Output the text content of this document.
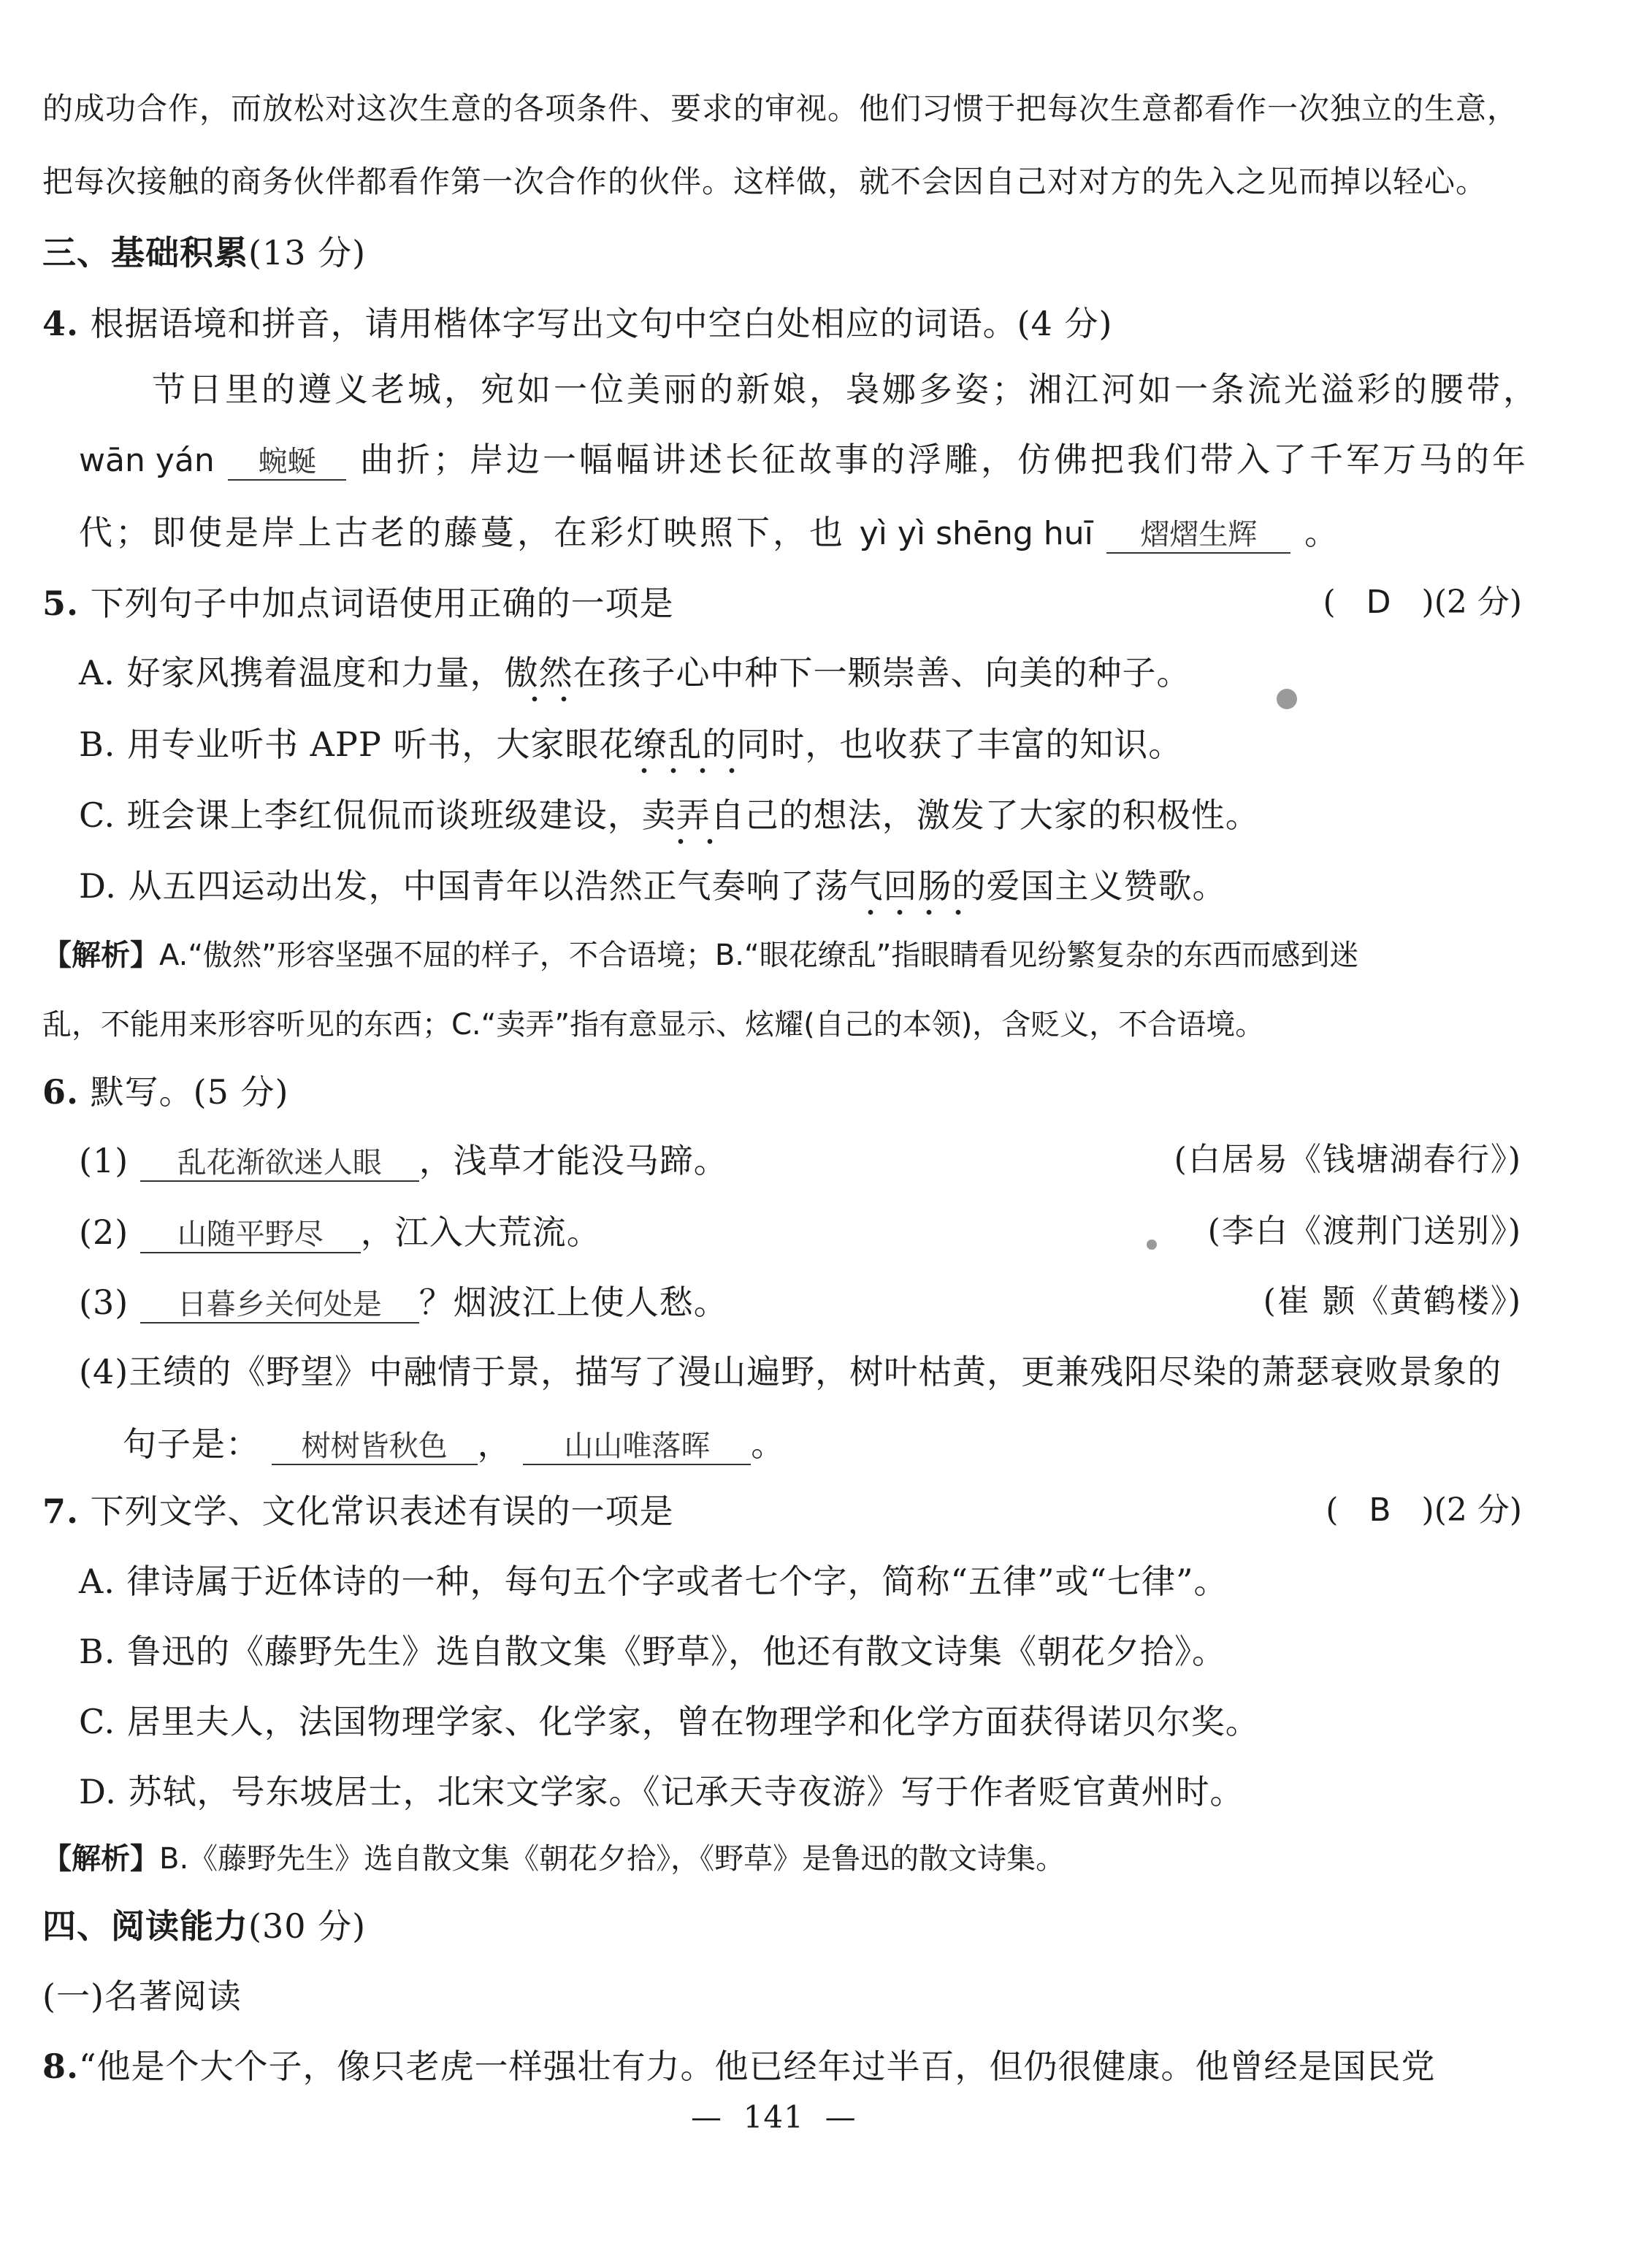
的成功合作，而放松对这次生意的各项条件、要求的审视。他们习惯于把每次生意都看作一次独立的生意，
把每次接触的商务伙伴都看作第一次合作的伙伴。这样做，就不会因自己对对方的先入之见而掉以轻心。
三、基础积累(13 分)
4. 根据语境和拼音，请用楷体字写出文句中空白处相应的词语。(4 分)
节日里的遵义老城，宛如一位美丽的新娘，袅娜多姿；湘江河如一条流光溢彩的腰带，
wān yán 蜿蜒 曲折；岸边一幅幅讲述长征故事的浮雕，仿佛把我们带入了千军万马的年
代；即使是岸上古老的藤蔓，在彩灯映照下，也 yì yì shēng huī 熠熠生辉 。
5. 下列句子中加点词语使用正确的一项是	( D )(2 分)
A. 好家风携着温度和力量，傲然在孩子心中种下一颗崇善、向美的种子。
B. 用专业听书 APP 听书，大家眼花缭乱的同时，也收获了丰富的知识。
C. 班会课上李红侃侃而谈班级建设，卖弄自己的想法，激发了大家的积极性。
D. 从五四运动出发，中国青年以浩然正气奏响了荡气回肠的爱国主义赞歌。
【解析】A.“傲然”形容坚强不屈的样子，不合语境；B.“眼花缭乱”指眼睛看见纷繁复杂的东西而感到迷
乱，不能用来形容听见的东西；C.“卖弄”指有意显示、炫耀(自己的本领)，含贬义，不合语境。
6. 默写。(5 分)
(1) 乱花渐欲迷人眼 ，浅草才能没马蹄。	(白居易《钱塘湖春行》)
(2) 山随平野尽 ，江入大荒流。	(李白《渡荆门送别》)
(3) 日暮乡关何处是 ？烟波江上使人愁。	(崔 颢《黄鹤楼》)
(4)王绩的《野望》中融情于景，描写了漫山遍野，树叶枯黄，更兼残阳尽染的萧瑟衰败景象的
句子是： 树树皆秋色 ， 山山唯落晖 。
7. 下列文学、文化常识表述有误的一项是	( B )(2 分)
A. 律诗属于近体诗的一种，每句五个字或者七个字，简称“五律”或“七律”。
B. 鲁迅的《藤野先生》选自散文集《野草》，他还有散文诗集《朝花夕拾》。
C. 居里夫人，法国物理学家、化学家，曾在物理学和化学方面获得诺贝尔奖。
D. 苏轼，号东坡居士，北宋文学家。《记承天寺夜游》写于作者贬官黄州时。
【解析】B.《藤野先生》选自散文集《朝花夕拾》，《野草》是鲁迅的散文诗集。
四、阅读能力(30 分)
(一)名著阅读
8.“他是个大个子，像只老虎一样强壮有力。他已经年过半百，但仍很健康。他曾经是国民党
— 141 —
